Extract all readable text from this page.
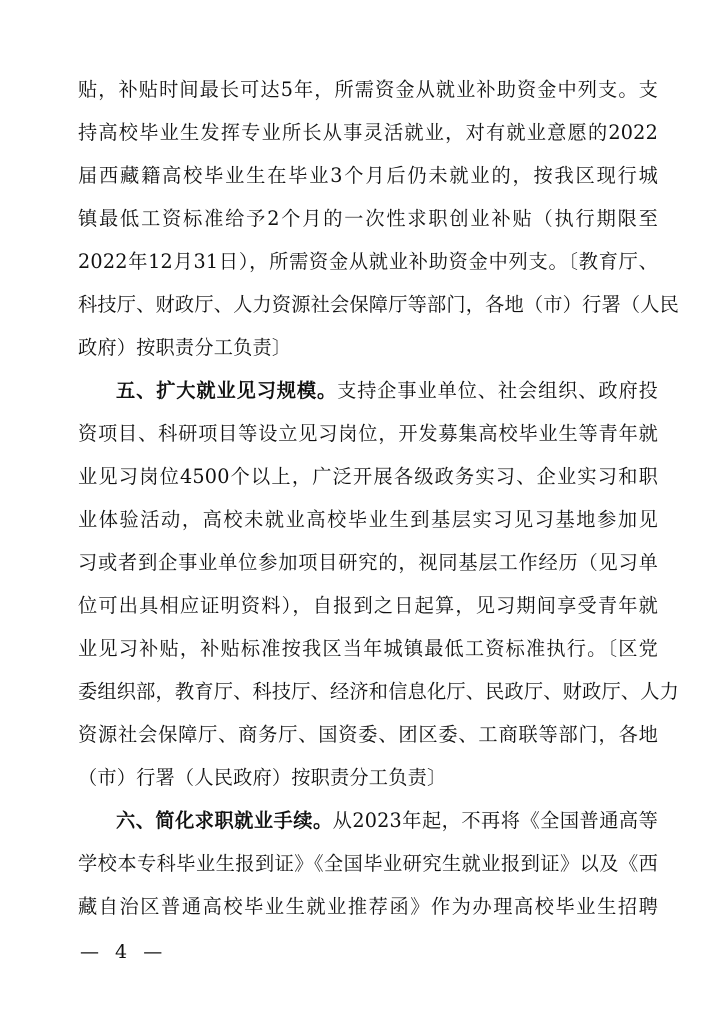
贴，补贴时间最长可达5年，所需资金从就业补助资金中列支。支
持高校毕业生发挥专业所长从事灵活就业，对有就业意愿的2022
届西藏籍高校毕业生在毕业3个月后仍未就业的，按我区现行城
镇最低工资标准给予2个月的一次性求职创业补贴（执行期限至
2022年12月31日），所需资金从就业补助资金中列支。〔教育厅、
科技厅、财政厅、人力资源社会保障厅等部门，各地（市）行署（人民
政府）按职责分工负责〕
五、扩大就业见习规模。支持企事业单位、社会组织、政府投
资项目、科研项目等设立见习岗位，开发募集高校毕业生等青年就
业见习岗位4500个以上，广泛开展各级政务实习、企业实习和职
业体验活动，高校未就业高校毕业生到基层实习见习基地参加见
习或者到企事业单位参加项目研究的，视同基层工作经历（见习单
位可出具相应证明资料），自报到之日起算，见习期间享受青年就
业见习补贴，补贴标准按我区当年城镇最低工资标准执行。〔区党
委组织部，教育厅、科技厅、经济和信息化厅、民政厅、财政厅、人力
资源社会保障厅、商务厅、国资委、团区委、工商联等部门，各地
（市）行署（人民政府）按职责分工负责〕
六、简化求职就业手续。从2023年起，不再将《全国普通高等
学校本专科毕业生报到证》《全国毕业研究生就业报到证》以及《西
藏自治区普通高校毕业生就业推荐函》作为办理高校毕业生招聘
— 4 —
